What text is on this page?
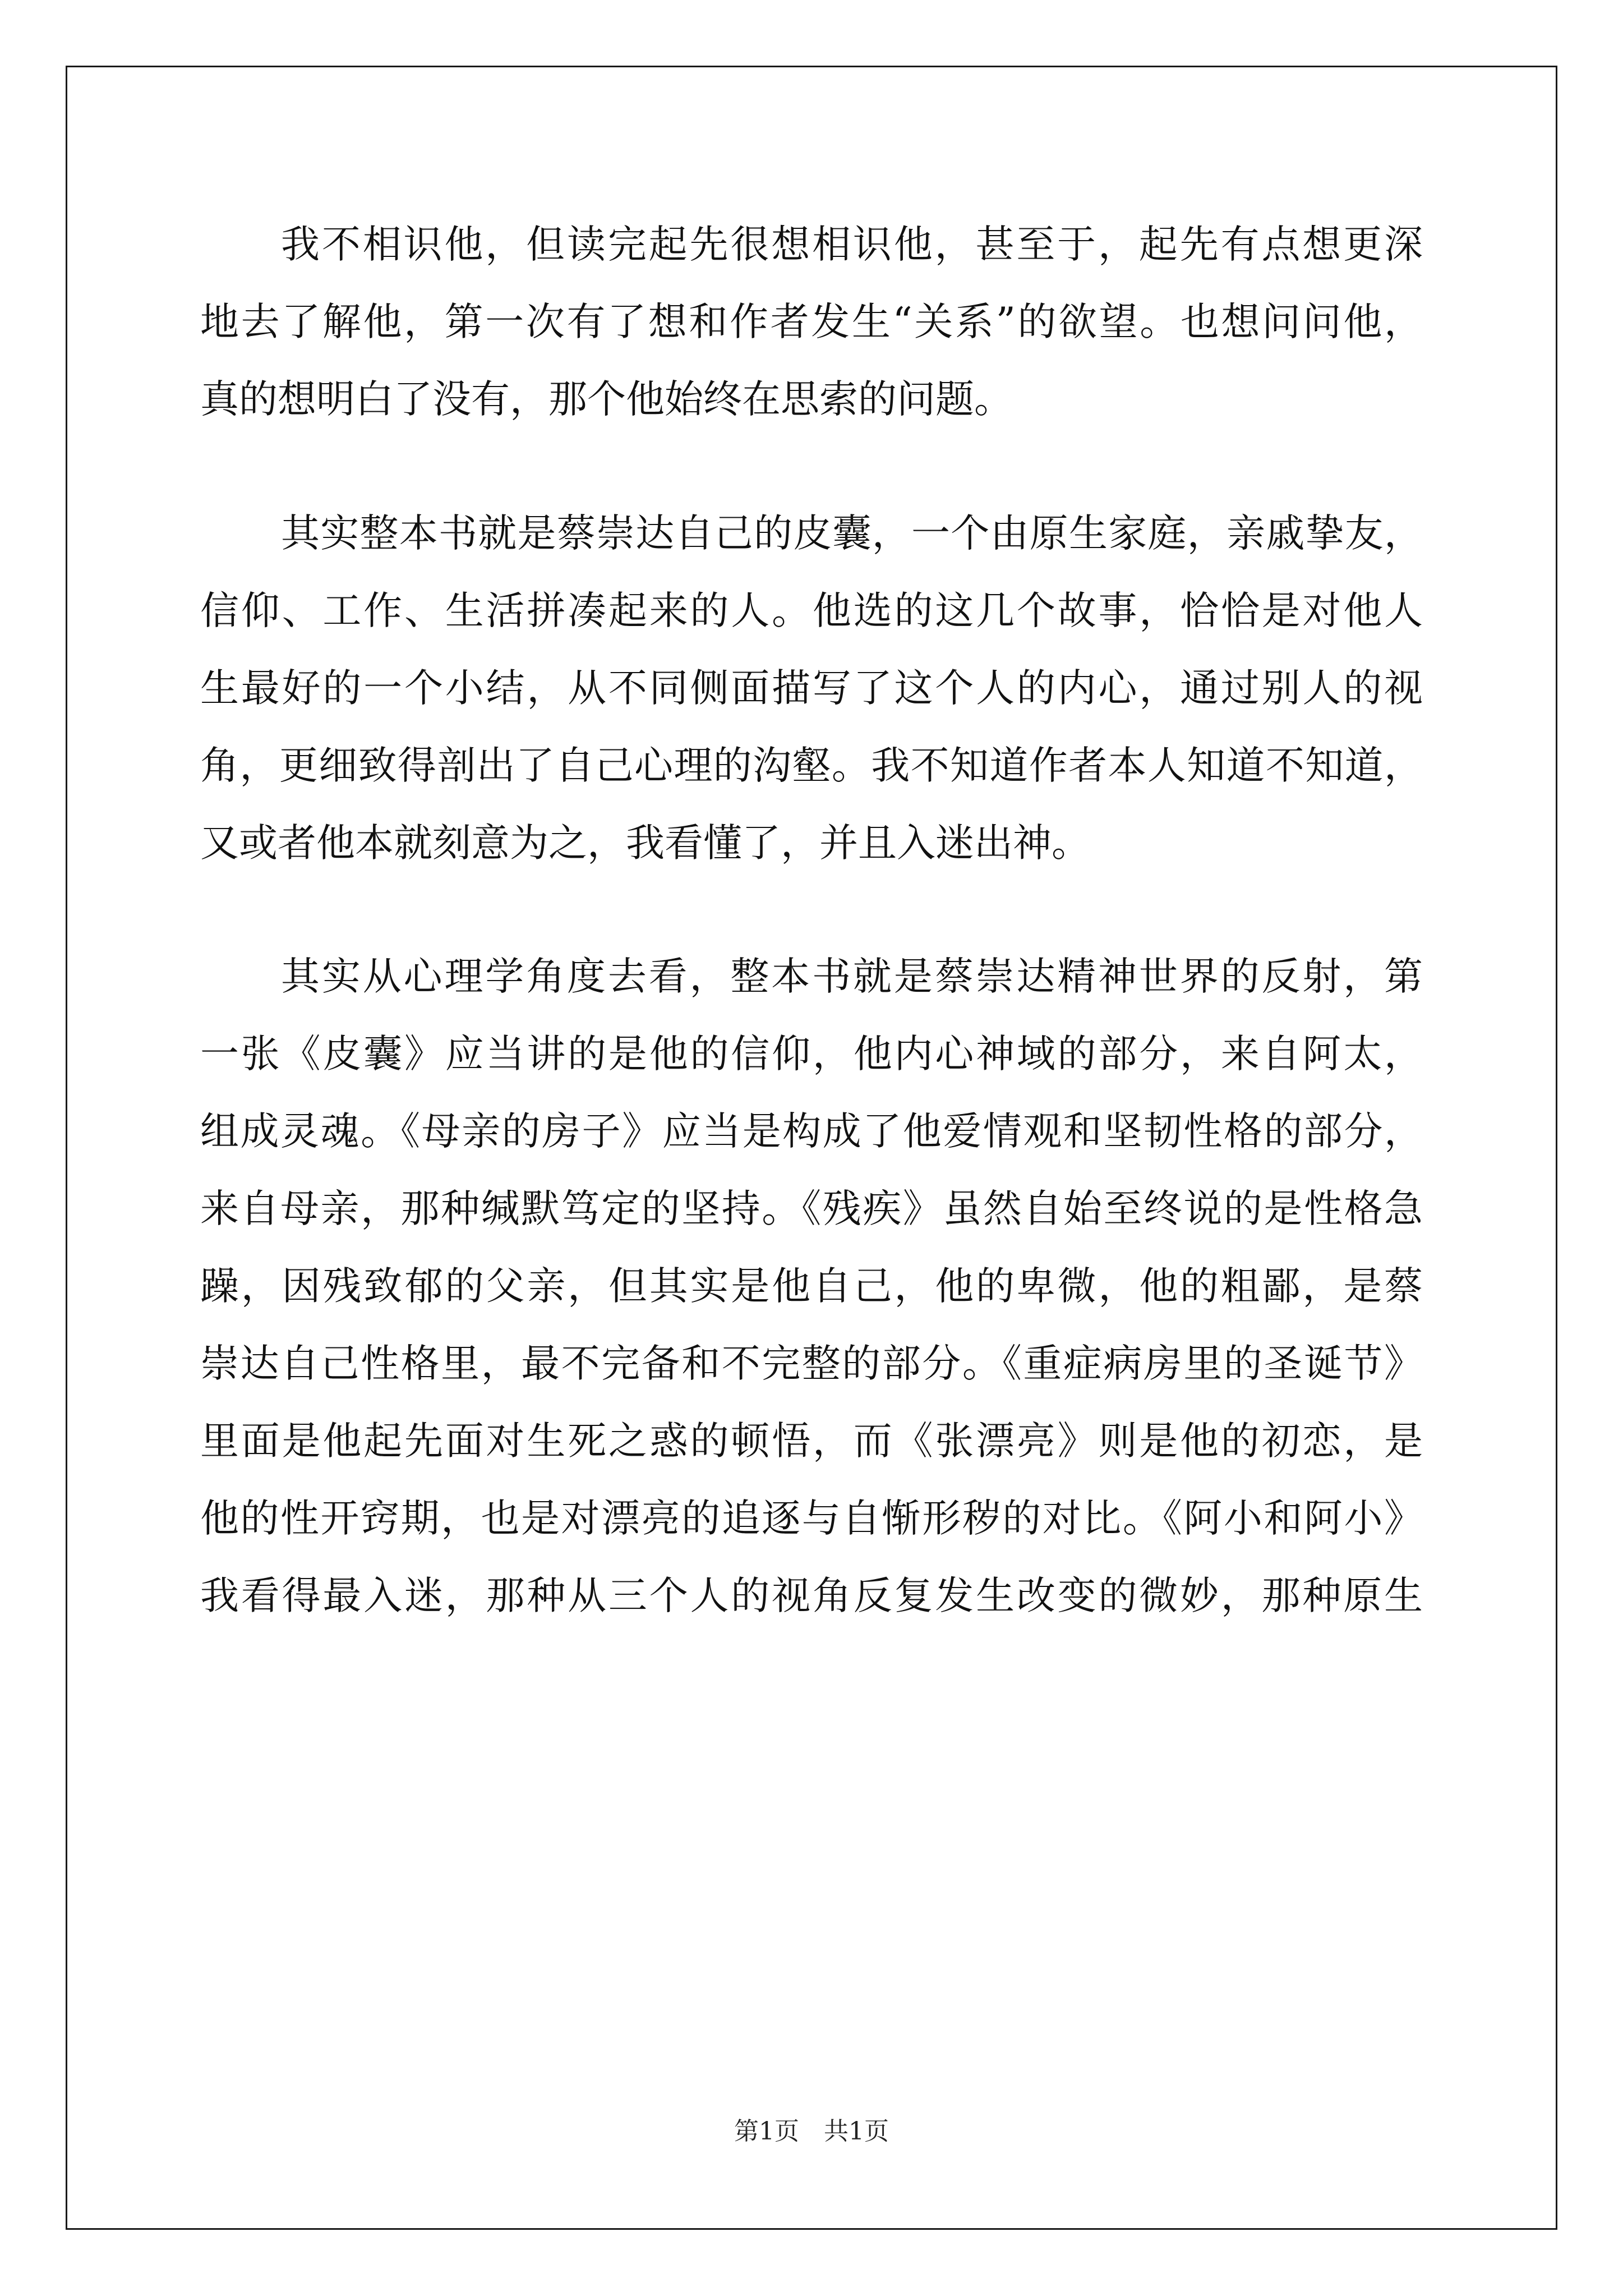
我不相识他，但读完起先很想相识他，甚至于，起先有点想更深
地去了解他，第一次有了想和作者发生“关系”的欲望。也想问问他，
真的想明白了没有，那个他始终在思索的问题。
其实整本书就是蔡崇达自己的皮囊，一个由原生家庭，亲戚挚友，
信仰、工作、生活拼凑起来的人。他选的这几个故事，恰恰是对他人
生最好的一个小结，从不同侧面描写了这个人的内心，通过别人的视
角，更细致得剖出了自己心理的沟壑。我不知道作者本人知道不知道，
又或者他本就刻意为之，我看懂了，并且入迷出神。
其实从心理学角度去看，整本书就是蔡崇达精神世界的反射，第
一张《皮囊》应当讲的是他的信仰，他内心神域的部分，来自阿太，
组成灵魂。《母亲的房子》应当是构成了他爱情观和坚韧性格的部分，
来自母亲，那种缄默笃定的坚持。《残疾》虽然自始至终说的是性格急
躁，因残致郁的父亲，但其实是他自己，他的卑微，他的粗鄙，是蔡
崇达自己性格里，最不完备和不完整的部分。《重症病房里的圣诞节》
里面是他起先面对生死之惑的顿悟，而《张漂亮》则是他的初恋，是
他的性开窍期，也是对漂亮的追逐与自惭形秽的对比。《阿小和阿小》
我看得最入迷，那种从三个人的视角反复发生改变的微妙，那种原生
第1页　共1页
